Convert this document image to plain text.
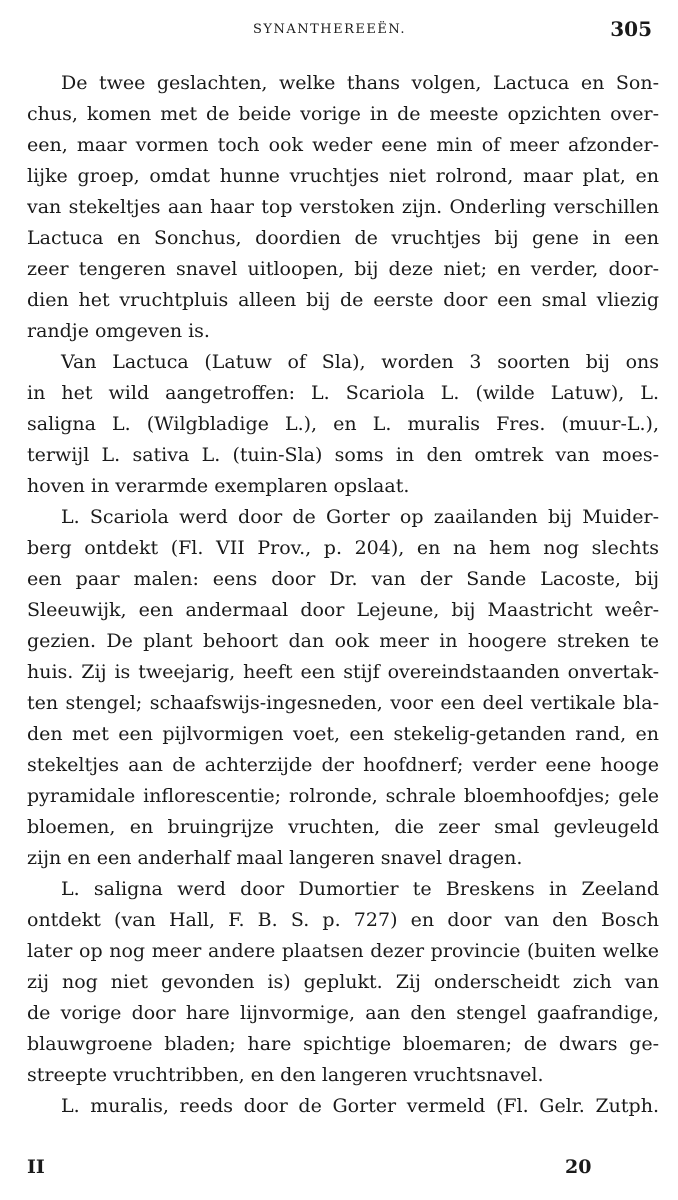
SYNANTHEREEËN.	305
De twee geslachten, welke thans volgen, Lactuca en Son-
chus, komen met de beide vorige in de meeste opzichten over-
een, maar vormen toch ook weder eene min of meer afzonder-
lijke groep, omdat hunne vruchtjes niet rolrond, maar plat, en
van stekeltjes aan haar top verstoken zijn. Onderling verschillen
Lactuca en Sonchus, doordien de vruchtjes bij gene in een
zeer tengeren snavel uitloopen, bij deze niet; en verder, door-
dien het vruchtpluis alleen bij de eerste door een smal vliezig
randje omgeven is.
Van Lactuca (Latuw of Sla), worden 3 soorten bij ons
in het wild aangetroffen: L. Scariola L. (wilde Latuw), L.
saligna L. (Wilgbladige L.), en L. muralis Fres. (muur-L.),
terwijl L. sativa L. (tuin-Sla) soms in den omtrek van moes-
hoven in verarmde exemplaren opslaat.
L. Scariola werd door de Gorter op zaailanden bij Muider-
berg ontdekt (Fl. VII Prov., p. 204), en na hem nog slechts
een paar malen: eens door Dr. van der Sande Lacoste, bij
Sleeuwijk, een andermaal door Lejeune, bij Maastricht weêr-
gezien. De plant behoort dan ook meer in hoogere streken te
huis. Zij is tweejarig, heeft een stijf overeindstaanden onvertak-
ten stengel; schaafswijs-ingesneden, voor een deel vertikale bla-
den met een pijlvormigen voet, een stekelig-getanden rand, en
stekeltjes aan de achterzijde der hoofdnerf; verder eene hooge
pyramidale inflorescentie; rolronde, schrale bloemhoofdjes; gele
bloemen, en bruingrijze vruchten, die zeer smal gevleugeld
zijn en een anderhalf maal langeren snavel dragen.
L. saligna werd door Dumortier te Breskens in Zeeland
ontdekt (van Hall, F. B. S. p. 727) en door van den Bosch
later op nog meer andere plaatsen dezer provincie (buiten welke
zij nog niet gevonden is) geplukt. Zij onderscheidt zich van
de vorige door hare lijnvormige, aan den stengel gaafrandige,
blauwgroene bladen; hare spichtige bloemaren; de dwars ge-
streepte vruchtribben, en den langeren vruchtsnavel.
L. muralis, reeds door de Gorter vermeld (Fl. Gelr. Zutph.
II	20
